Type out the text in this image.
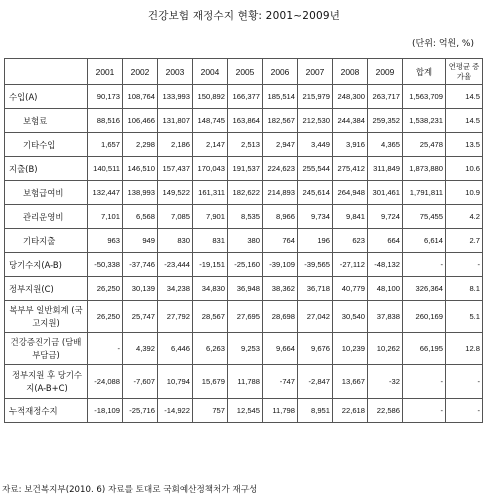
건강보험 재정수지 현황: 2001~2009년
(단위: 억원, %)
	2001	2002	2003	2004	2005	2006	2007	2008	2009	합계	연평균 증가율
수입(A)	90,173	108,764	133,993	150,892	166,377	185,514	215,979	248,300	263,717	1,563,709	14.5
보험료	88,516	106,466	131,807	148,745	163,864	182,567	212,530	244,384	259,352	1,538,231	14.5
기타수입	1,657	2,298	2,186	2,147	2,513	2,947	3,449	3,916	4,365	25,478	13.5
지출(B)	140,511	146,510	157,437	170,043	191,537	224,623	255,544	275,412	311,849	1,873,880	10.6
보험급여비	132,447	138,993	149,522	161,311	182,622	214,893	245,614	264,948	301,461	1,791,811	10.9
관리운영비	7,101	6,568	7,085	7,901	8,535	8,966	9,734	9,841	9,724	75,455	4.2
기타지출	963	949	830	831	380	764	196	623	664	6,614	2.7
당기수지(A-B)	-50,338	-37,746	-23,444	-19,151	-25,160	-39,109	-39,565	-27,112	-48,132	-	-
정부지원(C)	26,250	30,139	34,238	34,830	36,948	38,362	36,718	40,779	48,100	326,364	8.1
복부부 일반회계 (국고지원)	26,250	25,747	27,792	28,567	27,695	28,698	27,042	30,540	37,838	260,169	5.1
건강증진기금 (담배부담금)	-	4,392	6,446	6,263	9,253	9,664	9,676	10,239	10,262	66,195	12.8
정부지원 후 당기수지(A-B+C)	-24,088	-7,607	10,794	15,679	11,788	-747	-2,847	13,667	-32	-	-
누적재정수지	-18,109	-25,716	-14,922	757	12,545	11,798	8,951	22,618	22,586	-	-
자료: 보건복지부(2010. 6) 자료를 토대로 국회예산정책처가 재구성
